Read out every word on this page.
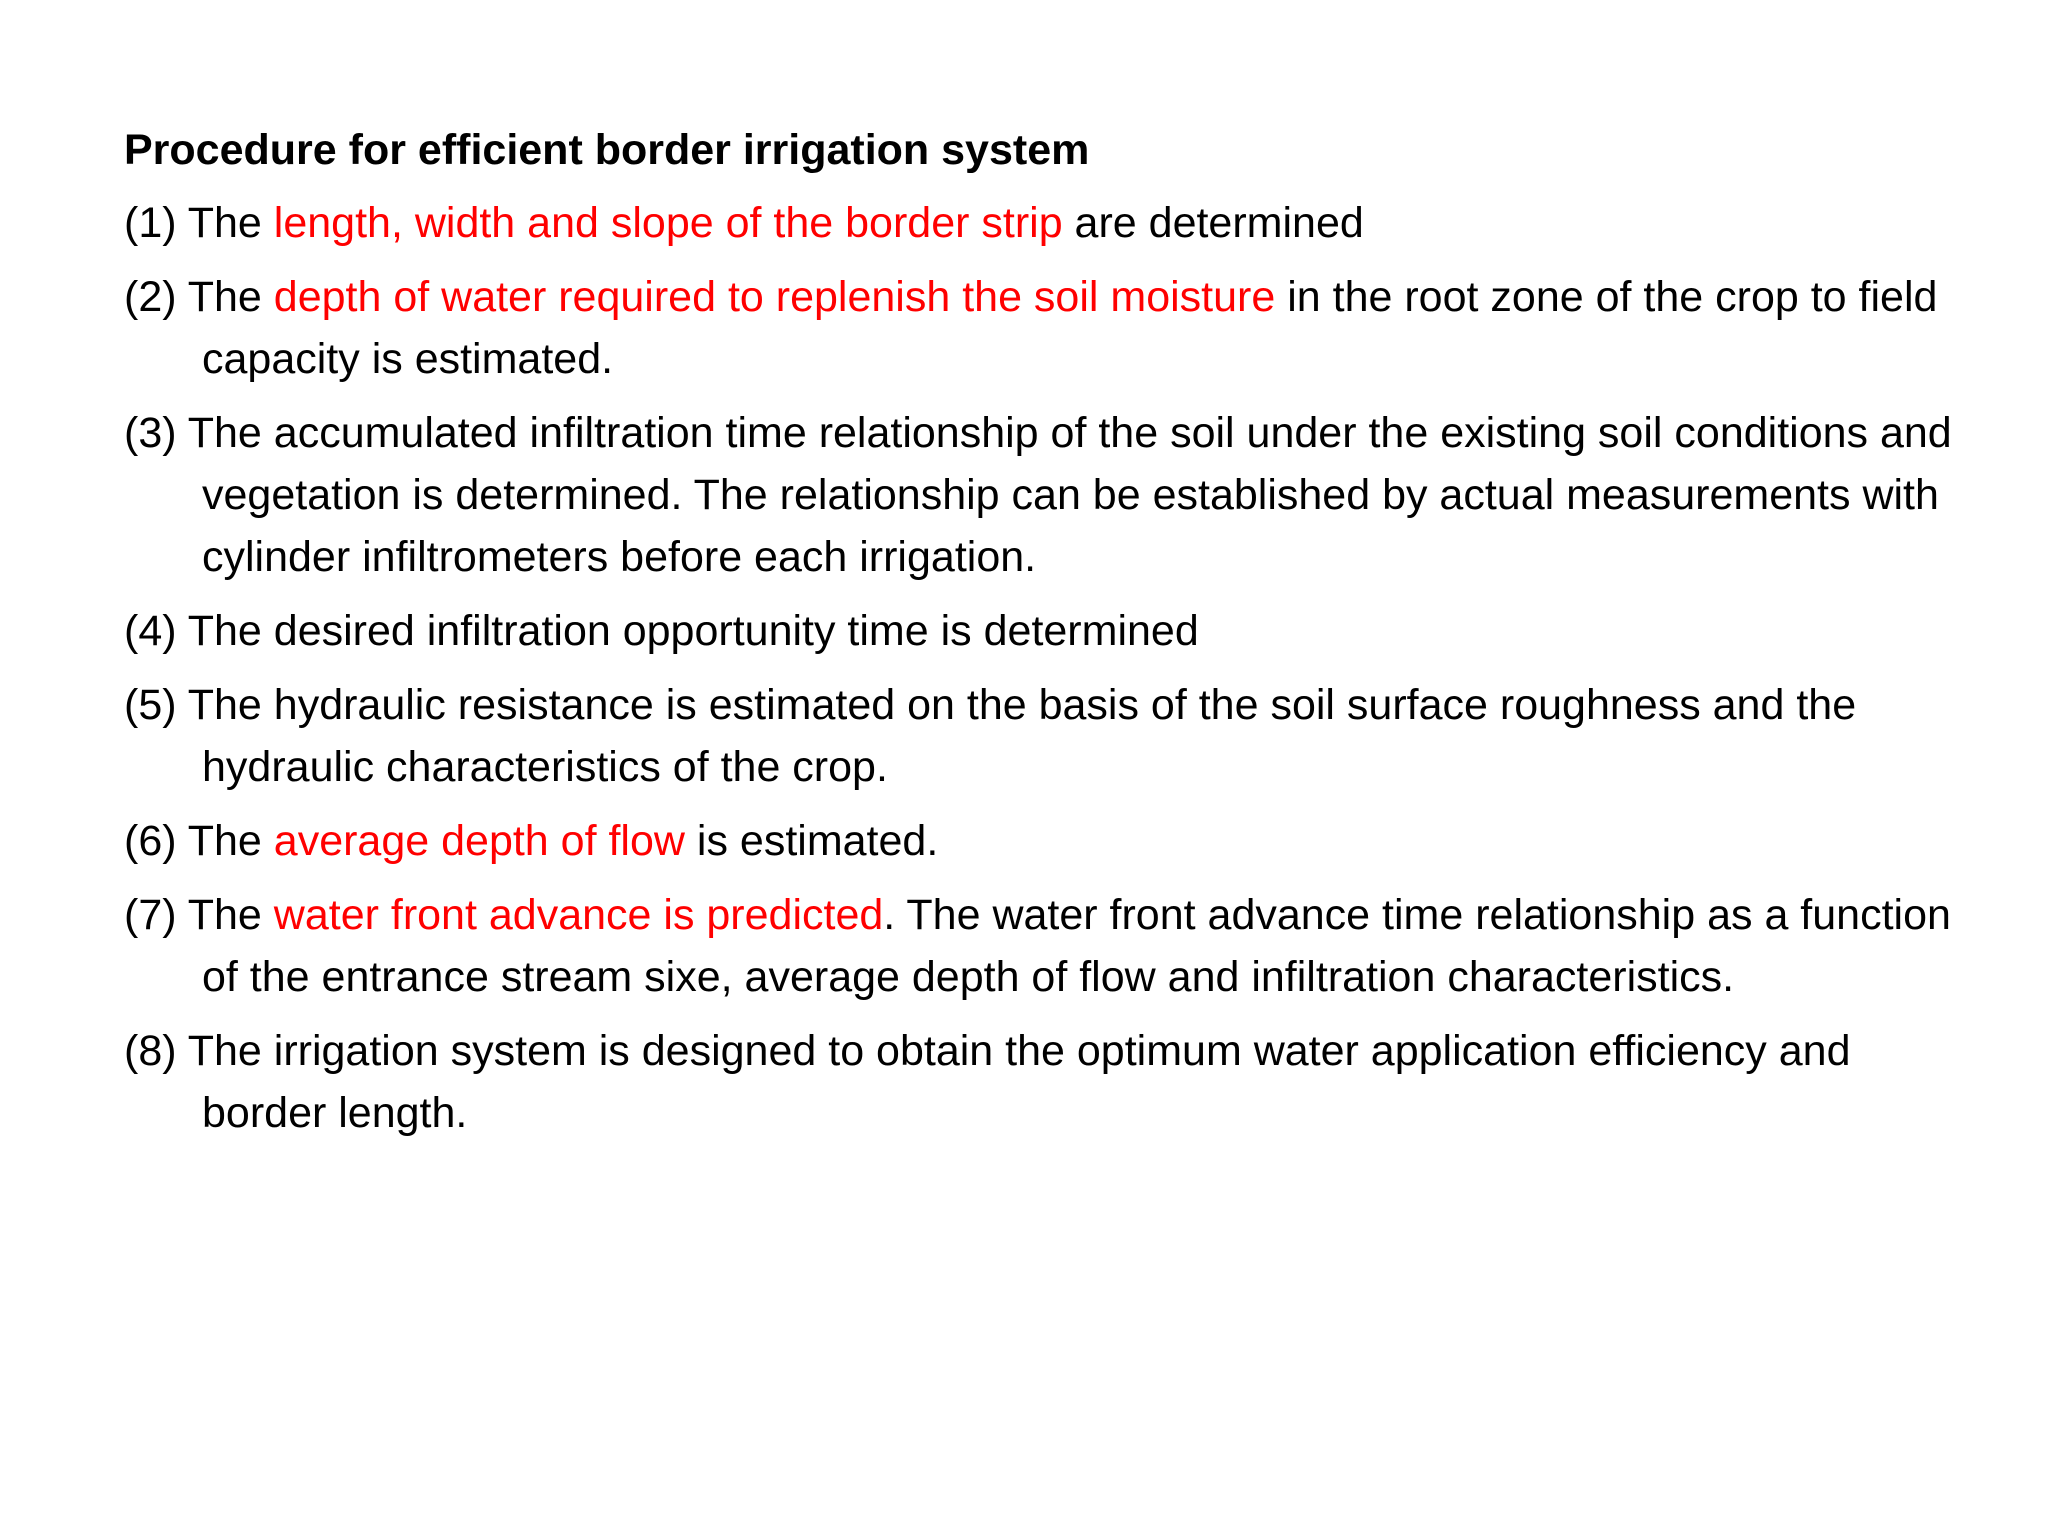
Procedure for efficient border irrigation system
(1) The length, width and slope of the border strip are determined
(2) The depth of water required to replenish the soil moisture in the root zone of the crop to field capacity is estimated.
(3) The accumulated infiltration time relationship of the soil under the existing soil conditions and vegetation is determined. The relationship can be established by actual measurements with cylinder infiltrometers before each irrigation.
(4) The desired infiltration opportunity time is determined
(5) The hydraulic resistance is estimated on the basis of the soil surface roughness and the hydraulic characteristics of the crop.
(6) The average depth of flow is estimated.
(7) The water front advance is predicted. The water front advance time relationship as a function of the entrance stream sixe, average depth of flow and infiltration characteristics.
(8) The irrigation system is designed to obtain the optimum water application efficiency and border length.
